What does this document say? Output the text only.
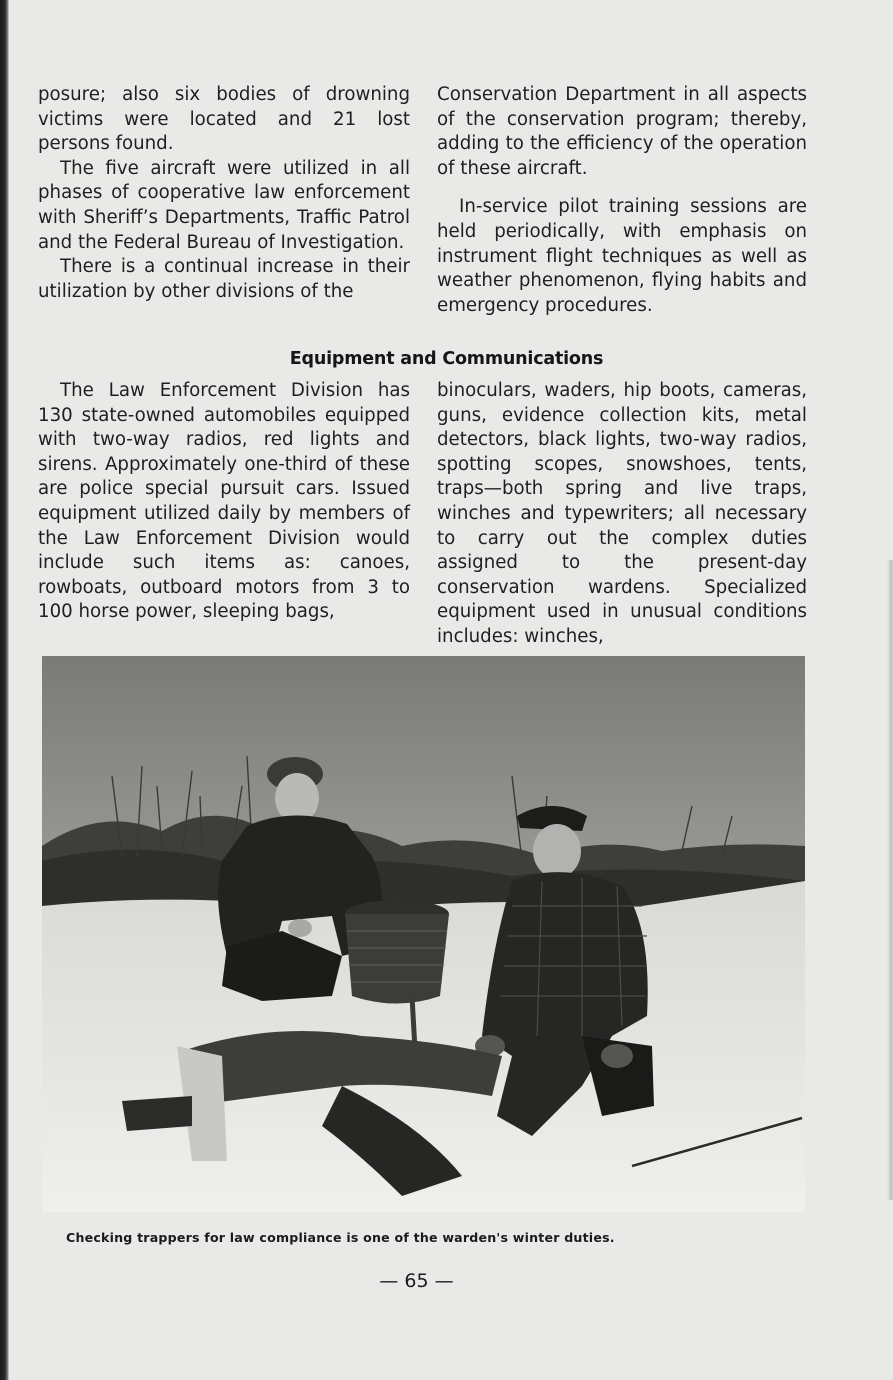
posure; also six bodies of drowning victims were located and 21 lost persons found.

The five aircraft were utilized in all phases of cooperative law enforcement with Sheriff’s Departments, Traffic Patrol and the Federal Bureau of Investigation.

There is a continual increase in their utilization by other divisions of the

Conservation Department in all aspects of the conservation program; thereby, adding to the efficiency of the operation of these aircraft.

In-service pilot training sessions are held periodically, with emphasis on instrument flight techniques as well as weather phenomenon, flying habits and emergency procedures.

Equipment and Communications

The Law Enforcement Division has 130 state-owned automobiles equipped with two-way radios, red lights and sirens. Approximately one-third of these are police special pursuit cars. Issued equipment utilized daily by members of the Law Enforcement Division would include such items as: canoes, rowboats, outboard motors from 3 to 100 horse power, sleeping bags,

binoculars, waders, hip boots, cameras, guns, evidence collection kits, metal detectors, black lights, two-way radios, spotting scopes, snowshoes, tents, traps—both spring and live traps, winches and typewriters; all necessary to carry out the complex duties assigned to the present-day conservation wardens. Specialized equipment used in unusual conditions includes: winches,

Checking trappers for law compliance is one of the warden's winter duties.

— 65 —
